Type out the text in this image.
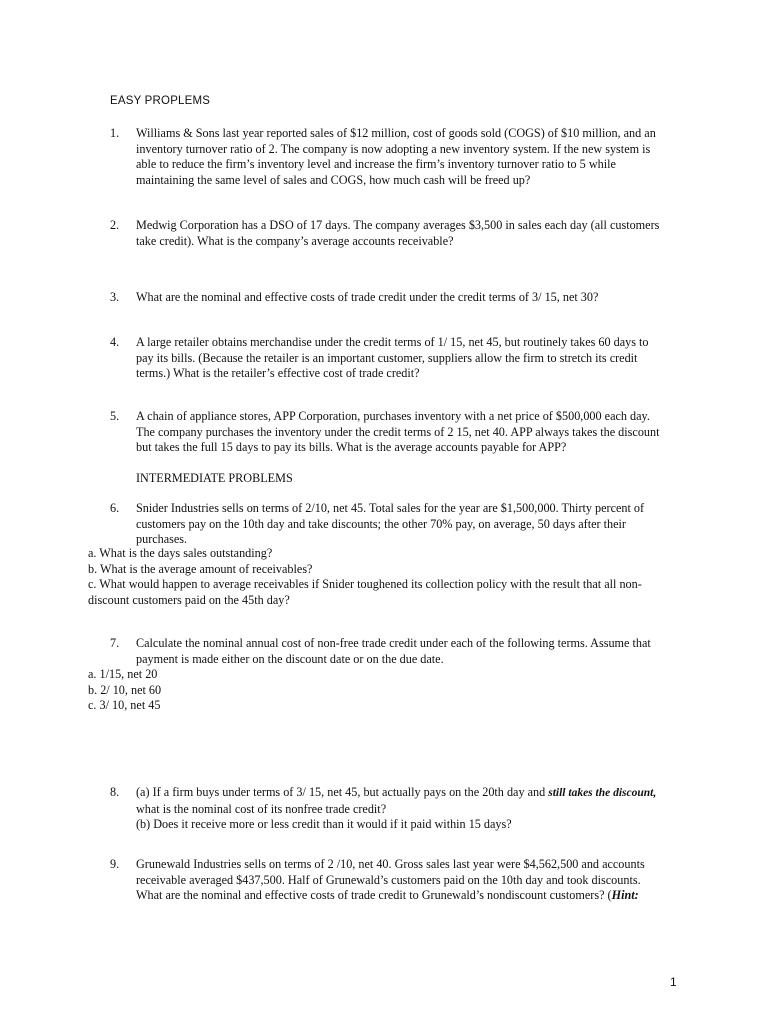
EASY PROPLEMS
1.	Williams & Sons last year reported sales of $12 million, cost of goods sold (COGS) of $10 million, and an
inventory turnover ratio of 2. The company is now adopting a new inventory system. If the new system is
able to reduce the firm’s inventory level and increase the firm’s inventory turnover ratio to 5 while
maintaining the same level of sales and COGS, how much cash will be freed up?
2.	Medwig Corporation has a DSO of 17 days. The company averages $3,500 in sales each day (all customers
take credit). What is the company’s average accounts receivable?
3.	What are the nominal and effective costs of trade credit under the credit terms of 3/ 15, net 30?
4.	A large retailer obtains merchandise under the credit terms of 1/ 15, net 45, but routinely takes 60 days to
pay its bills. (Because the retailer is an important customer, suppliers allow the firm to stretch its credit
terms.) What is the retailer’s effective cost of trade credit?
5.	A chain of appliance stores, APP Corporation, purchases inventory with a net price of $500,000 each day.
The company purchases the inventory under the credit terms of 2 15, net 40. APP always takes the discount
but takes the full 15 days to pay its bills. What is the average accounts payable for APP?
INTERMEDIATE PROBLEMS
6.	Snider Industries sells on terms of 2/10, net 45. Total sales for the year are $1,500,000. Thirty percent of
customers pay on the 10th day and take discounts; the other 70% pay, on average, 50 days after their
purchases.
a. What is the days sales outstanding?
b. What is the average amount of receivables?
c. What would happen to average receivables if Snider toughened its collection policy with the result that all non-
discount customers paid on the 45th day?
7.	Calculate the nominal annual cost of non-free trade credit under each of the following terms. Assume that
payment is made either on the discount date or on the due date.
a. 1/15, net 20
b. 2/ 10, net 60
c. 3/ 10, net 45
8.	(a) If a firm buys under terms of 3/ 15, net 45, but actually pays on the 20th day and still takes the discount,
what is the nominal cost of its nonfree trade credit?
(b) Does it receive more or less credit than it would if it paid within 15 days?
9.	Grunewald Industries sells on terms of 2 /10, net 40. Gross sales last year were $4,562,500 and accounts
receivable averaged $437,500. Half of Grunewald’s customers paid on the 10th day and took discounts.
What are the nominal and effective costs of trade credit to Grunewald’s nondiscount customers? (Hint:
1
